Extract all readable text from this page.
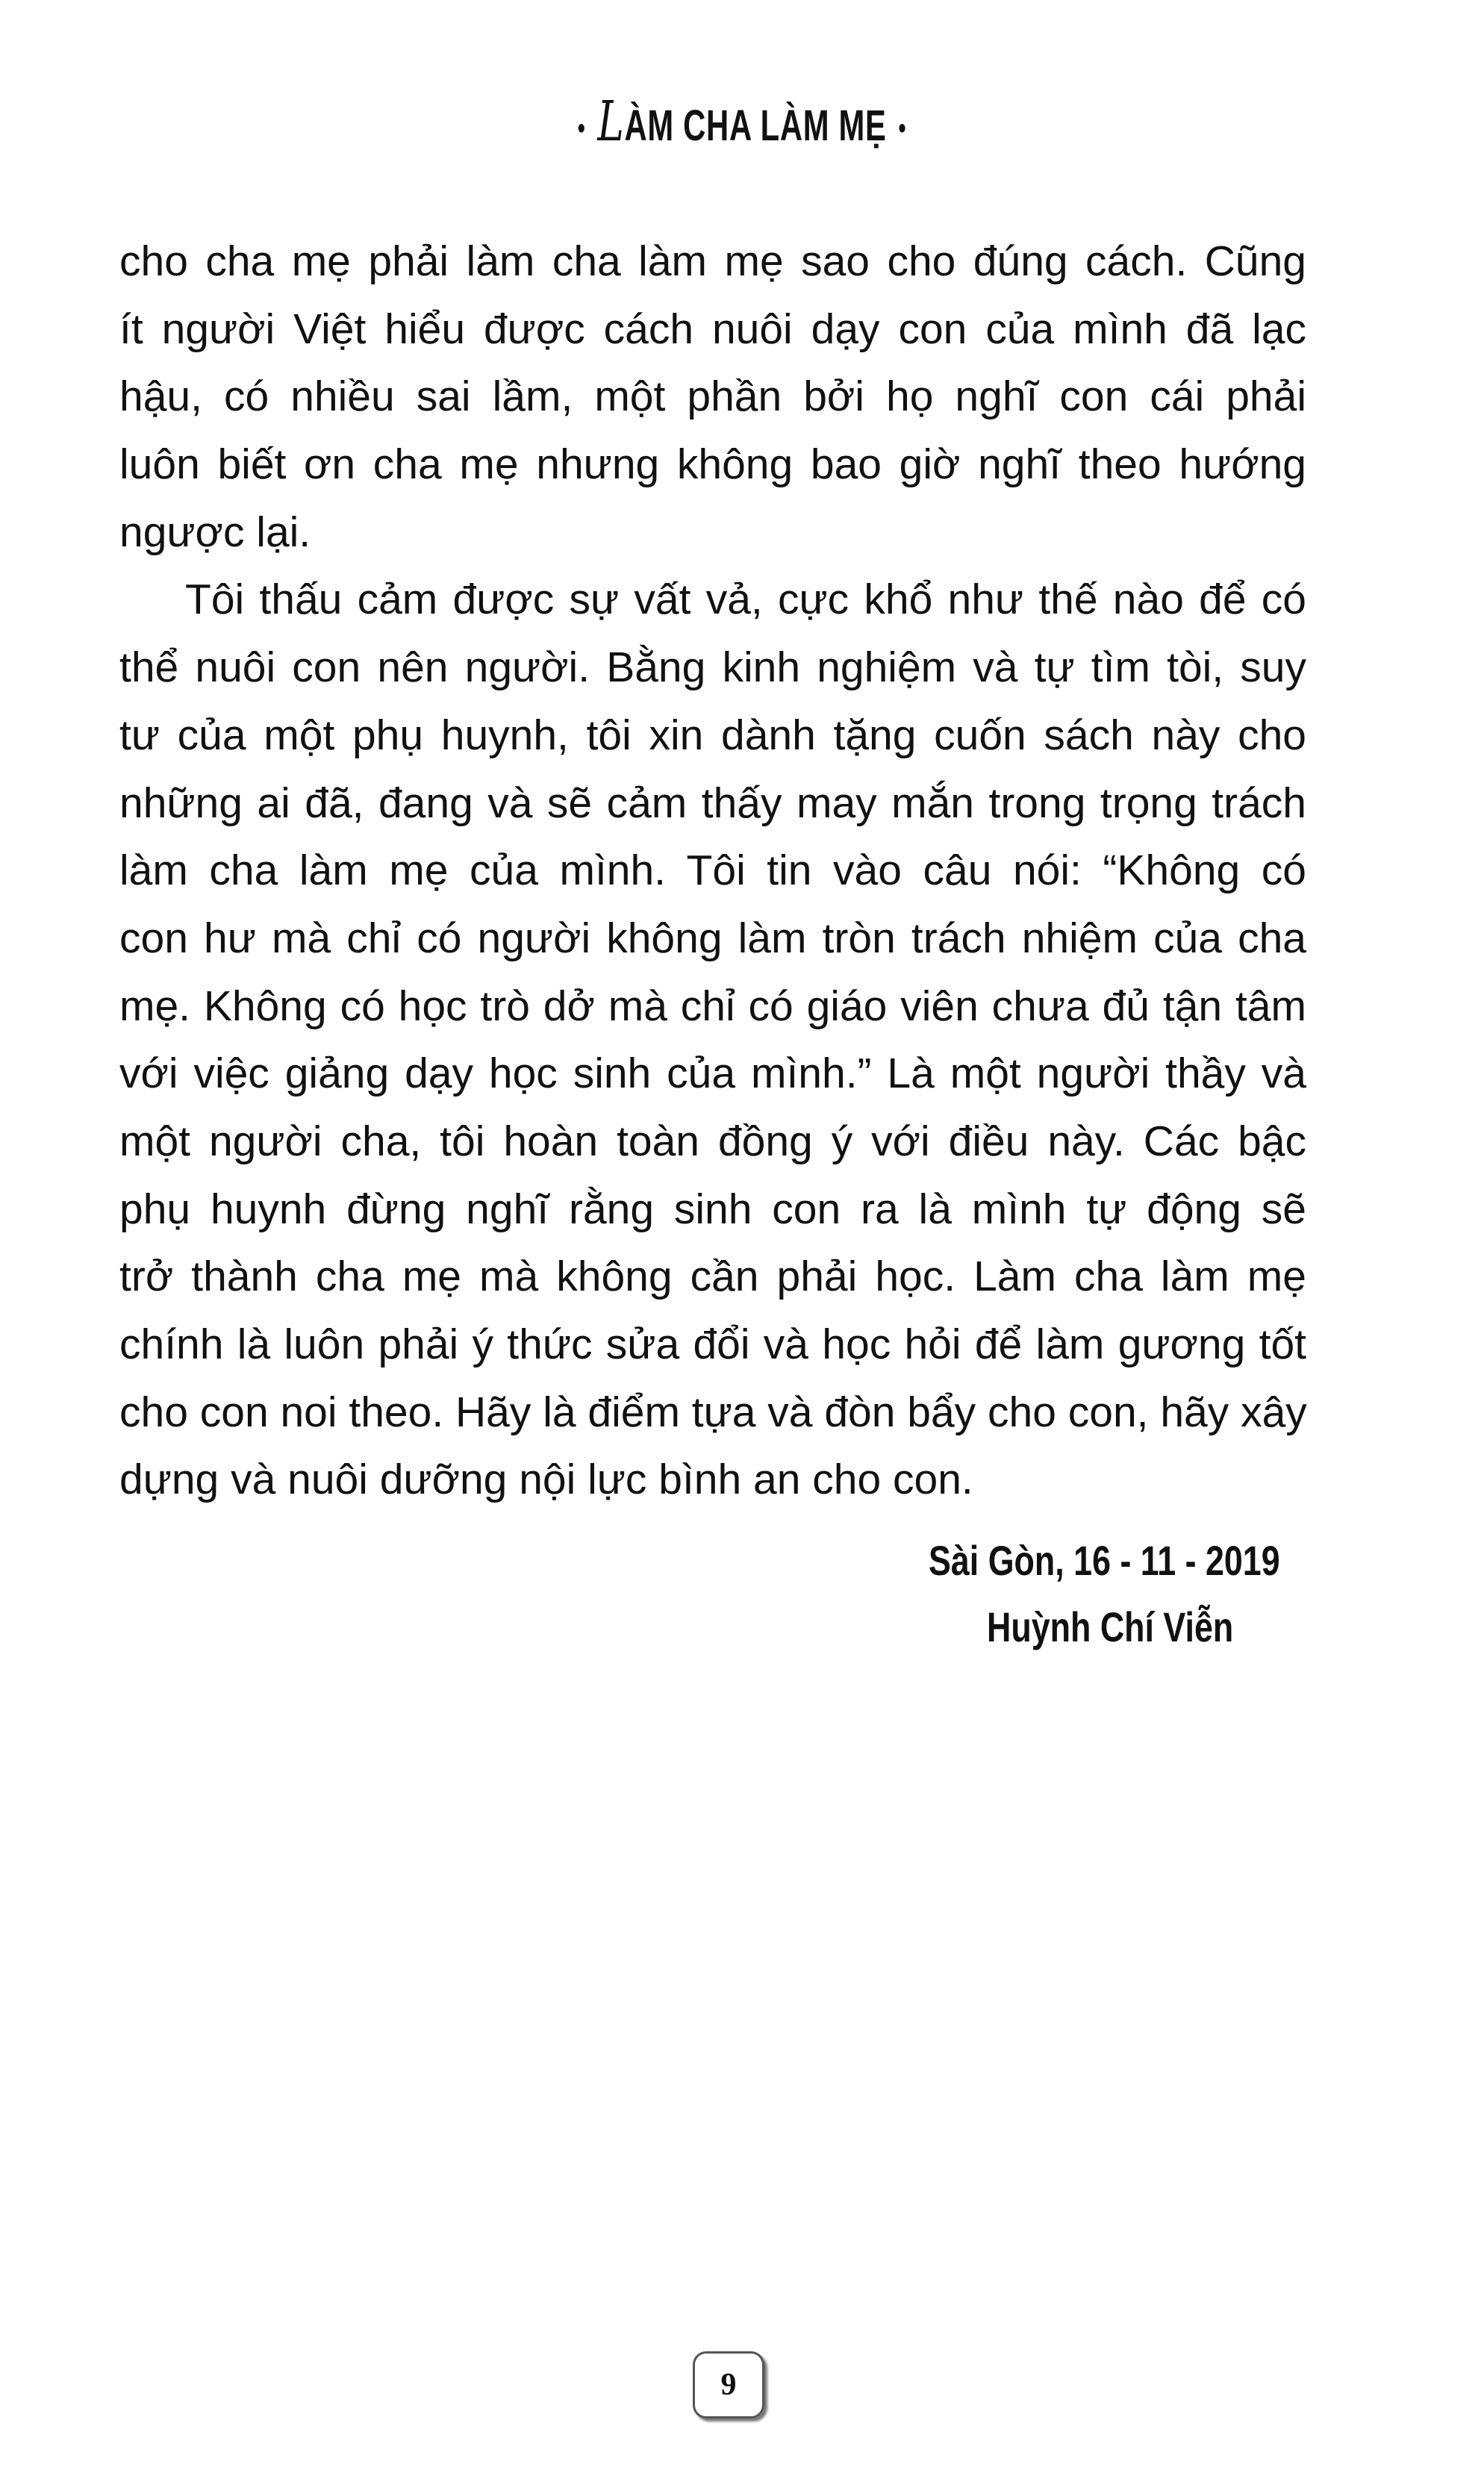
• LÀM CHA LÀM MẸ •
cho cha mẹ phải làm cha làm mẹ sao cho đúng cách. Cũng
ít người Việt hiểu được cách nuôi dạy con của mình đã lạc
hậu, có nhiều sai lầm, một phần bởi họ nghĩ con cái phải
luôn biết ơn cha mẹ nhưng không bao giờ nghĩ theo hướng
ngược lại.
Tôi thấu cảm được sự vất vả, cực khổ như thế nào để có
thể nuôi con nên người. Bằng kinh nghiệm và tự tìm tòi, suy
tư của một phụ huynh, tôi xin dành tặng cuốn sách này cho
những ai đã, đang và sẽ cảm thấy may mắn trong trọng trách
làm cha làm mẹ của mình. Tôi tin vào câu nói: “Không có
con hư mà chỉ có người không làm tròn trách nhiệm của cha
mẹ. Không có học trò dở mà chỉ có giáo viên chưa đủ tận tâm
với việc giảng dạy học sinh của mình.” Là một người thầy và
một người cha, tôi hoàn toàn đồng ý với điều này. Các bậc
phụ huynh đừng nghĩ rằng sinh con ra là mình tự động sẽ
trở thành cha mẹ mà không cần phải học. Làm cha làm mẹ
chính là luôn phải ý thức sửa đổi và học hỏi để làm gương tốt
cho con noi theo. Hãy là điểm tựa và đòn bẩy cho con, hãy xây
dựng và nuôi dưỡng nội lực bình an cho con.
Sài Gòn, 16 - 11 - 2019
Huỳnh Chí Viễn
9
